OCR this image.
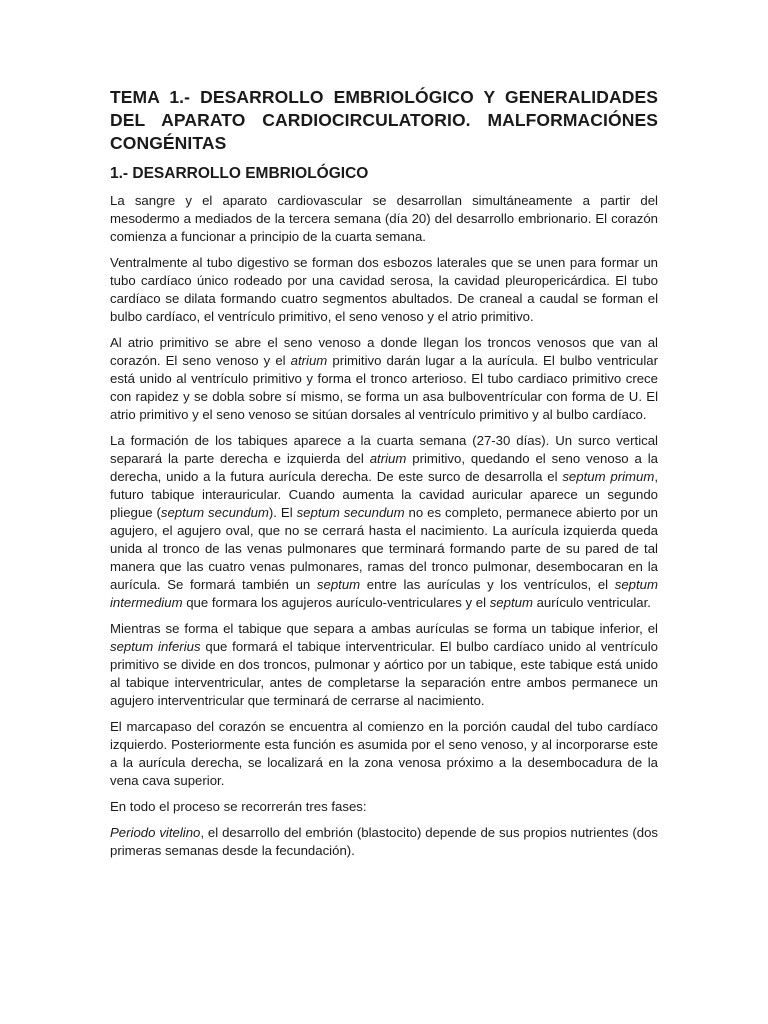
TEMA 1.- DESARROLLO EMBRIOLÓGICO Y GENERALIDADES DEL APARATO CARDIOCIRCULATORIO. MALFORMACIÓNES CONGÉNITAS
1.- DESARROLLO EMBRIOLÓGICO

La sangre y el aparato cardiovascular se desarrollan simultáneamente a partir del mesodermo a mediados de la tercera semana (día 20) del desarrollo embrionario. El corazón comienza a funcionar a principio de la cuarta semana.

Ventralmente al tubo digestivo se forman dos esbozos laterales que se unen para formar un tubo cardíaco único rodeado por una cavidad serosa, la cavidad pleuropericárdica. El tubo cardíaco se dilata formando cuatro segmentos abultados. De craneal a caudal se forman el bulbo cardíaco, el ventrículo primitivo, el seno venoso y el atrio primitivo.

Al atrio primitivo se abre el seno venoso a donde llegan los troncos venosos que van al corazón. El seno venoso y el atrium primitivo darán lugar a la aurícula. El bulbo ventricular está unido al ventrículo primitivo y forma el tronco arterioso. El tubo cardiaco primitivo crece con rapidez y se dobla sobre sí mismo, se forma un asa bulboventrícular con forma de U. El atrio primitivo y el seno venoso se sitúan dorsales al ventrículo primitivo y al bulbo cardíaco.

La formación de los tabiques aparece a la cuarta semana (27-30 días). Un surco vertical separará la parte derecha e izquierda del atrium primitivo, quedando el seno venoso a la derecha, unido a la futura aurícula derecha. De este surco de desarrolla el septum primum, futuro tabique interauricular. Cuando aumenta la cavidad auricular aparece un segundo pliegue (septum secundum). El septum secundum no es completo, permanece abierto por un agujero, el agujero oval, que no se cerrará hasta el nacimiento. La aurícula izquierda queda unida al tronco de las venas pulmonares que terminará formando parte de su pared de tal manera que las cuatro venas pulmonares, ramas del tronco pulmonar, desembocaran en la aurícula. Se formará también un septum entre las aurículas y los ventrículos, el septum intermedium que formara los agujeros aurículo-ventriculares y el septum aurículo ventricular.

Mientras se forma el tabique que separa a ambas aurículas se forma un tabique inferior, el septum inferius que formará el tabique interventricular. El bulbo cardíaco unido al ventrículo primitivo se divide en dos troncos, pulmonar y aórtico por un tabique, este tabique está unido al tabique interventricular, antes de completarse la separación entre ambos permanece un agujero interventricular que terminará de cerrarse al nacimiento.

El marcapaso del corazón se encuentra al comienzo en la porción caudal del tubo cardíaco izquierdo. Posteriormente esta función es asumida por el seno venoso, y al incorporarse este a la aurícula derecha, se localizará en la zona venosa próximo a la desembocadura de la vena cava superior.

En todo el proceso se recorrerán tres fases:

Periodo vitelino, el desarrollo del embrión (blastocito) depende de sus propios nutrientes (dos primeras semanas desde la fecundación).
